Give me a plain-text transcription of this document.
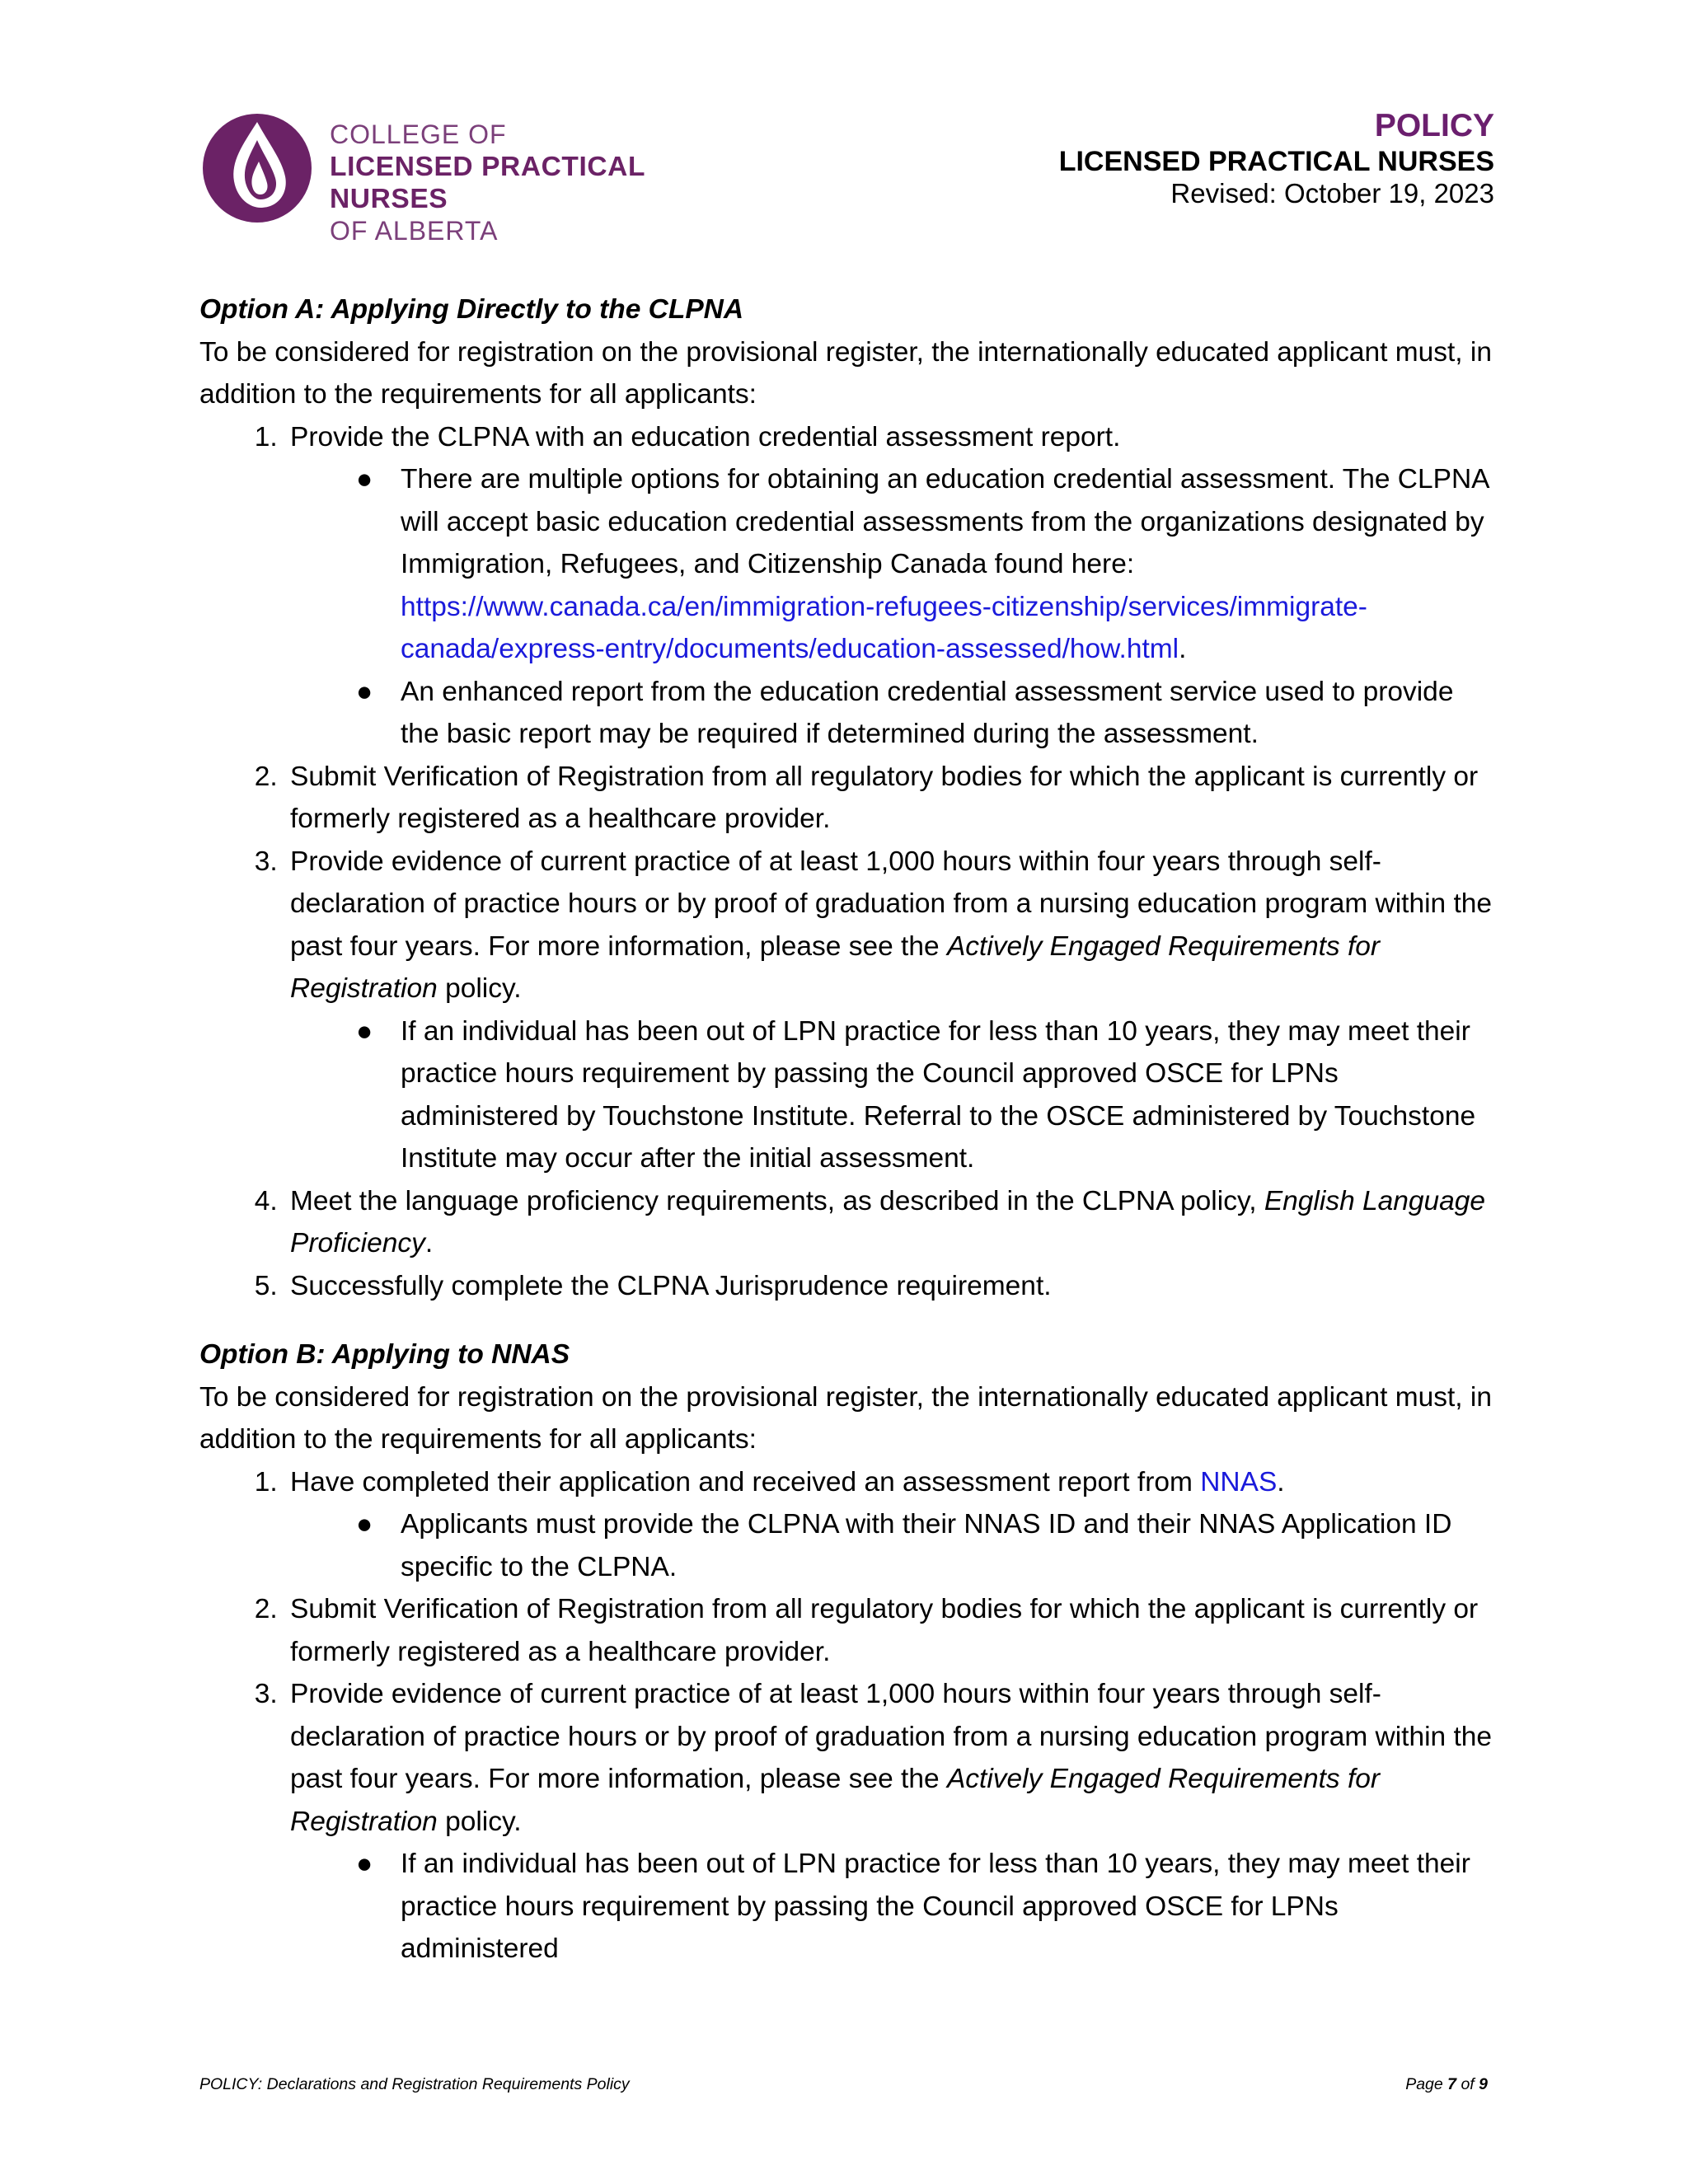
COLLEGE OF
LICENSED PRACTICAL NURSES
OF ALBERTA
POLICY
LICENSED PRACTICAL NURSES
Revised: October 19, 2023

Option A: Applying Directly to the CLPNA

To be considered for registration on the provisional register, the internationally educated applicant must, in addition to the requirements for all applicants:

1. Provide the CLPNA with an education credential assessment report.
● There are multiple options for obtaining an education credential assessment. The CLPNA will accept basic education credential assessments from the organizations designated by Immigration, Refugees, and Citizenship Canada found here: https://www.canada.ca/en/immigration-refugees-citizenship/services/immigrate-canada/express-entry/documents/education-assessed/how.html.
● An enhanced report from the education credential assessment service used to provide the basic report may be required if determined during the assessment.
2. Submit Verification of Registration from all regulatory bodies for which the applicant is currently or formerly registered as a healthcare provider.
3. Provide evidence of current practice of at least 1,000 hours within four years through self-declaration of practice hours or by proof of graduation from a nursing education program within the past four years. For more information, please see the Actively Engaged Requirements for Registration policy.
● If an individual has been out of LPN practice for less than 10 years, they may meet their practice hours requirement by passing the Council approved OSCE for LPNs administered by Touchstone Institute. Referral to the OSCE administered by Touchstone Institute may occur after the initial assessment.
4. Meet the language proficiency requirements, as described in the CLPNA policy, English Language Proficiency.
5. Successfully complete the CLPNA Jurisprudence requirement.

Option B: Applying to NNAS

To be considered for registration on the provisional register, the internationally educated applicant must, in addition to the requirements for all applicants:

1. Have completed their application and received an assessment report from NNAS.
● Applicants must provide the CLPNA with their NNAS ID and their NNAS Application ID specific to the CLPNA.
2. Submit Verification of Registration from all regulatory bodies for which the applicant is currently or formerly registered as a healthcare provider.
3. Provide evidence of current practice of at least 1,000 hours within four years through self-declaration of practice hours or by proof of graduation from a nursing education program within the past four years. For more information, please see the Actively Engaged Requirements for Registration policy.
● If an individual has been out of LPN practice for less than 10 years, they may meet their practice hours requirement by passing the Council approved OSCE for LPNs administered
POLICY: Declarations and Registration Requirements Policy	Page 7 of 9
